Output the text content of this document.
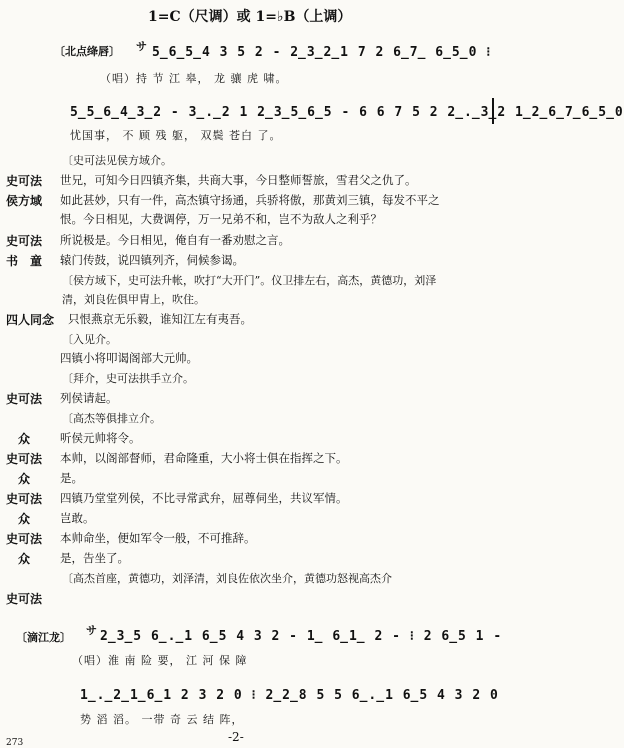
1=C（尺调）或 1=♭B（上调）
〔北点绛唇〕 サ 5̲6̲5̲4 3 5 2 - 2̲3̲2̲1 7 2 6̲7̲ 6̲5̲0 ⁝
（唱）持 节 江 皋， 龙 骧 虎 啸。
5̲5̲6̲4̲3̲2 - 3̲.̲2 1 2̲3̲5̲6̲5 - 6 6 7 5 2 2̲.̲3̲2 1̲2̲6̲7̲6̲5̲0
忧国事， 不 顾 残 躯， 双鬓 苍白 了。
〔史可法见侯方域介。
史可法	世兄，可知今日四镇齐集，共商大事，今日整师誓旅，雪君父之仇了。
侯方域	如此甚妙，只有一件，高杰镇守扬通，兵骄将傲，那黄刘三镇，每发不平之
恨。今日相见，大费调停，万一兄弟不和，岂不为敌人之利乎？
史可法	所说极是。今日相见，俺自有一番劝慰之言。
书　童	辕门传鼓，说四镇列齐，伺候参谒。
〔侯方域下，史可法升帐，吹打“大开门”。仪卫排左右，高杰，黄德功，刘泽
清，刘良佐俱甲胄上，吹住。
四人同念	只恨燕京无乐毅，谁知江左有夷吾。
〔入见介。
四镇小将叩谒阁部大元帅。
〔拜介，史可法拱手立介。
史可法	列侯请起。
〔高杰等俱排立介。
众	听侯元帅将令。
史可法	本帅，以阁部督师，君命隆重，大小将士俱在指挥之下。
众	是。
史可法	四镇乃堂堂列侯，不比寻常武弁，屈尊伺坐，共议军情。
众	岂敢。
史可法	本帅命坐，便如军令一般，不可推辞。
众	是，告坐了。
〔高杰首座，黄德功，刘泽清，刘良佐依次坐介，黄德功怒视高杰介
史可法
〔滴江龙〕
サ 2̲3̲5 6̲.̲1 6̲5 4 3 2 - 1̲ 6̲1̲ 2 - ⁝ 2 6̲5 1 -
（唱）淮 南 险 要， 江 河 保 障
1̲.̲2̲1̲6̲1 2 3 2 0 ⁝ 2̲2̲8 5 5 6̲.̲1 6̲5 4 3 2 0
势 滔 滔。 一带 奇 云 结 阵，
-2-
273
